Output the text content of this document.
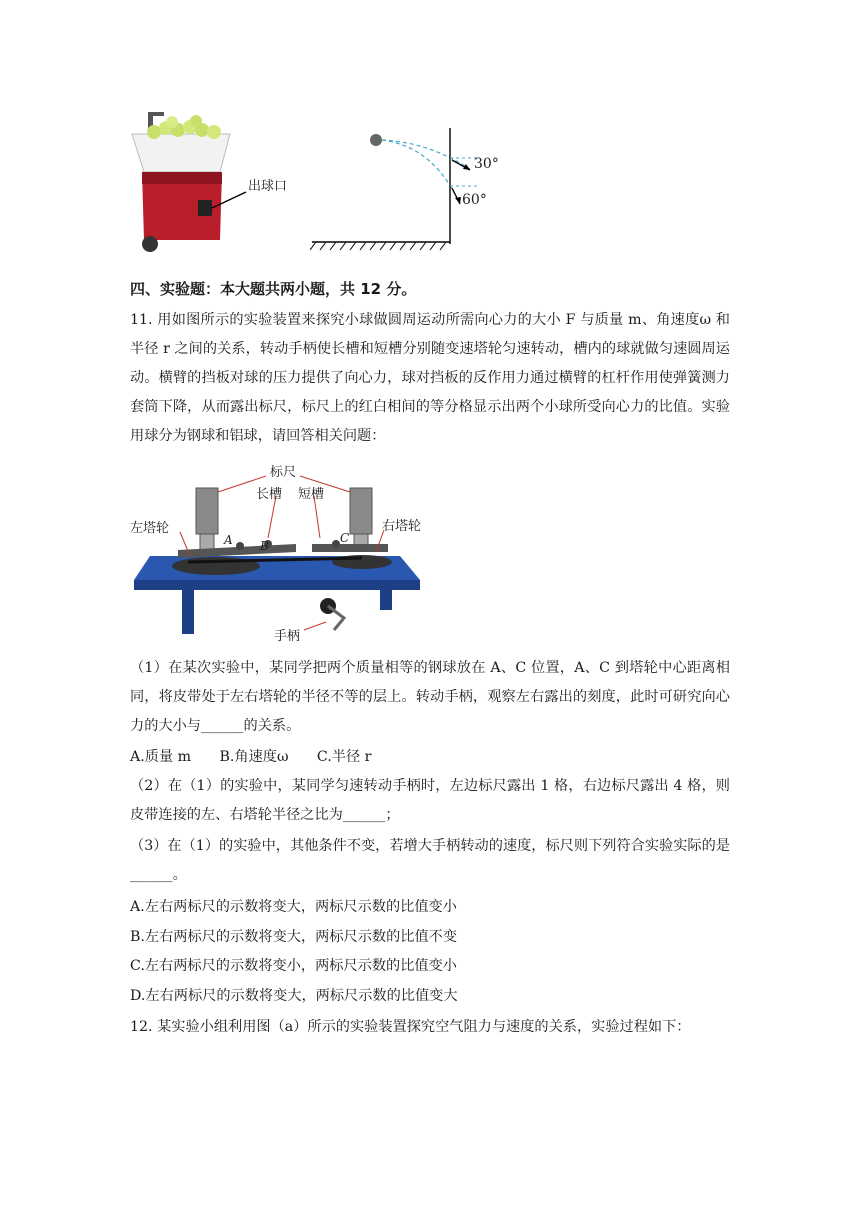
出球口
30°
60°
四、实验题：本大题共两小题，共 12 分。
11. 用如图所示的实验装置来探究小球做圆周运动所需向心力的大小 F 与质量 m、角速度ω 和半径 r 之间的关系，转动手柄使长槽和短槽分别随变速塔轮匀速转动，槽内的球就做匀速圆周运动。横臂的挡板对球的压力提供了向心力，球对挡板的反作用力通过横臂的杠杆作用使弹簧测力套筒下降，从而露出标尺，标尺上的红白相间的等分格显示出两个小球所受向心力的比值。实验用球分为钢球和铝球，请回答相关问题：
A B
C
标尺
长槽 短槽
左塔轮	右塔轮
手柄
（1）在某次实验中，某同学把两个质量相等的钢球放在 A、C 位置，A、C 到塔轮中心距离相同，将皮带处于左右塔轮的半径不等的层上。转动手柄，观察左右露出的刻度，此时可研究向心力的大小与______的关系。
A.质量 m　　B.角速度ω　　C.半径 r
（2）在（1）的实验中，某同学匀速转动手柄时，左边标尺露出 1 格，右边标尺露出 4 格，则皮带连接的左、右塔轮半径之比为______；
（3）在（1）的实验中，其他条件不变，若增大手柄转动的速度，标尺则下列符合实验实际的是______。
A.左右两标尺的示数将变大，两标尺示数的比值变小
B.左右两标尺的示数将变大，两标尺示数的比值不变
C.左右两标尺的示数将变小，两标尺示数的比值变小
D.左右两标尺的示数将变大，两标尺示数的比值变大
12. 某实验小组利用图（a）所示的实验装置探究空气阻力与速度的关系，实验过程如下：
